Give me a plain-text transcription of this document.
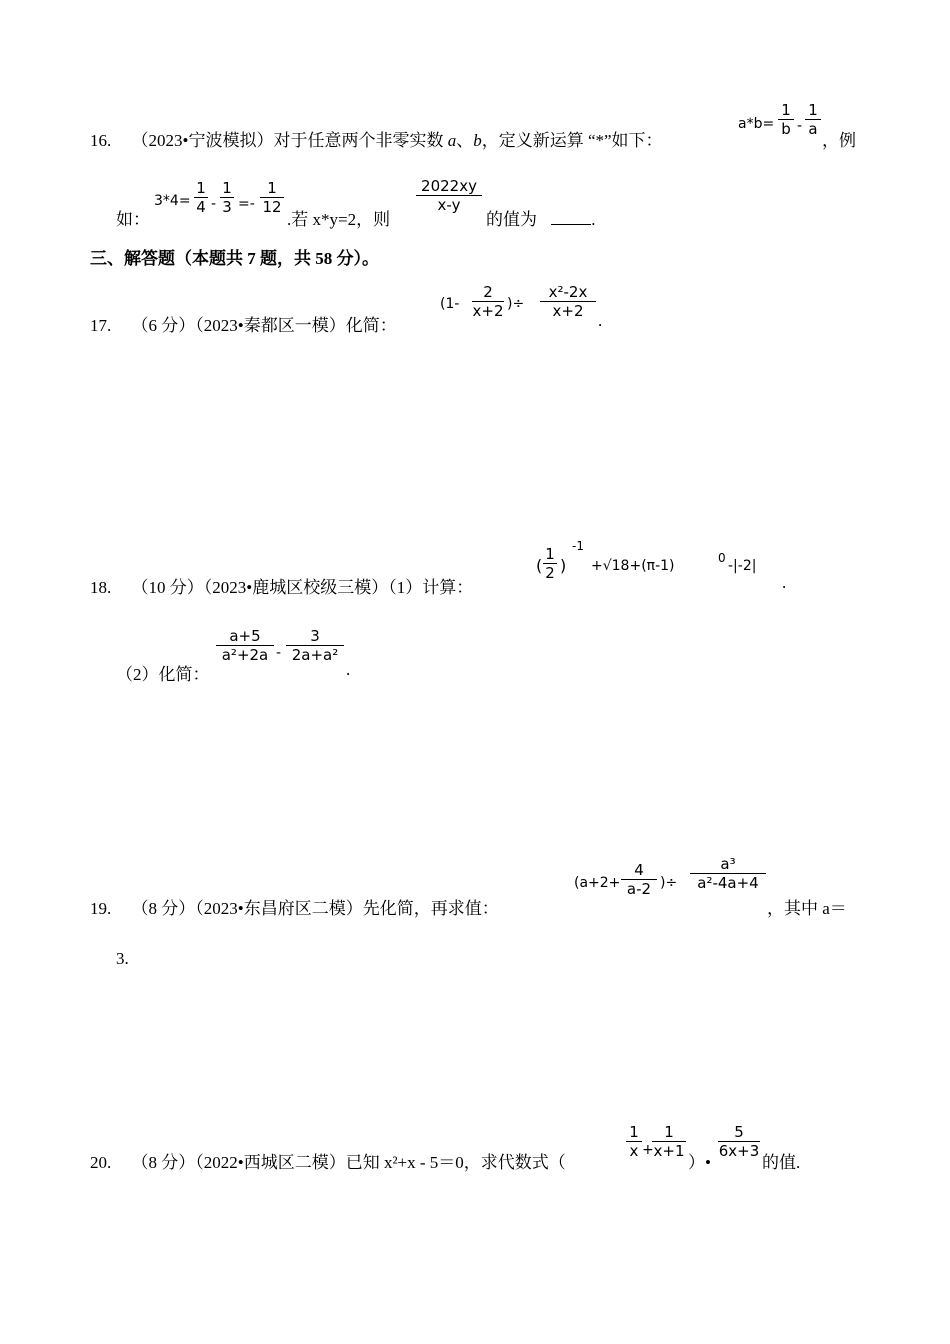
16. （2023•宁波模拟）对于任意两个非零实数 a、b，定义新运算 “*”如下：
a*b=
1
b -
1
a
，例
如：
3*4=
1
4 -
1
3 =-
1
12
.若 x*y=2，则
2022xy
x-y
的值为	.
三、解答题（本题共 7 题，共 58 分）。
17. （6 分）（2023•秦都区一模）化简：
(1-
2
x+2 )÷
x²-2x
x+2 .
18. （10 分）（2023•鹿城区校级三模）（1）计算：
(
1
2 )
-1
+√18+(π-1)	0 -|-2|
.
（2）化简：
a+5
a²+2a -
3
2a+a²
.
19. （8 分）（2023•东昌府区二模）先化简，再求值：
(a+2+
4
a-2 )÷
a³
a²-4a+4
，其中 a＝
3.
20. （8 分）（2022•西城区二模）已知 x²+x - 5＝0，求代数式（
1
x +
1
x+1
）•
5
6x+3
的值.
